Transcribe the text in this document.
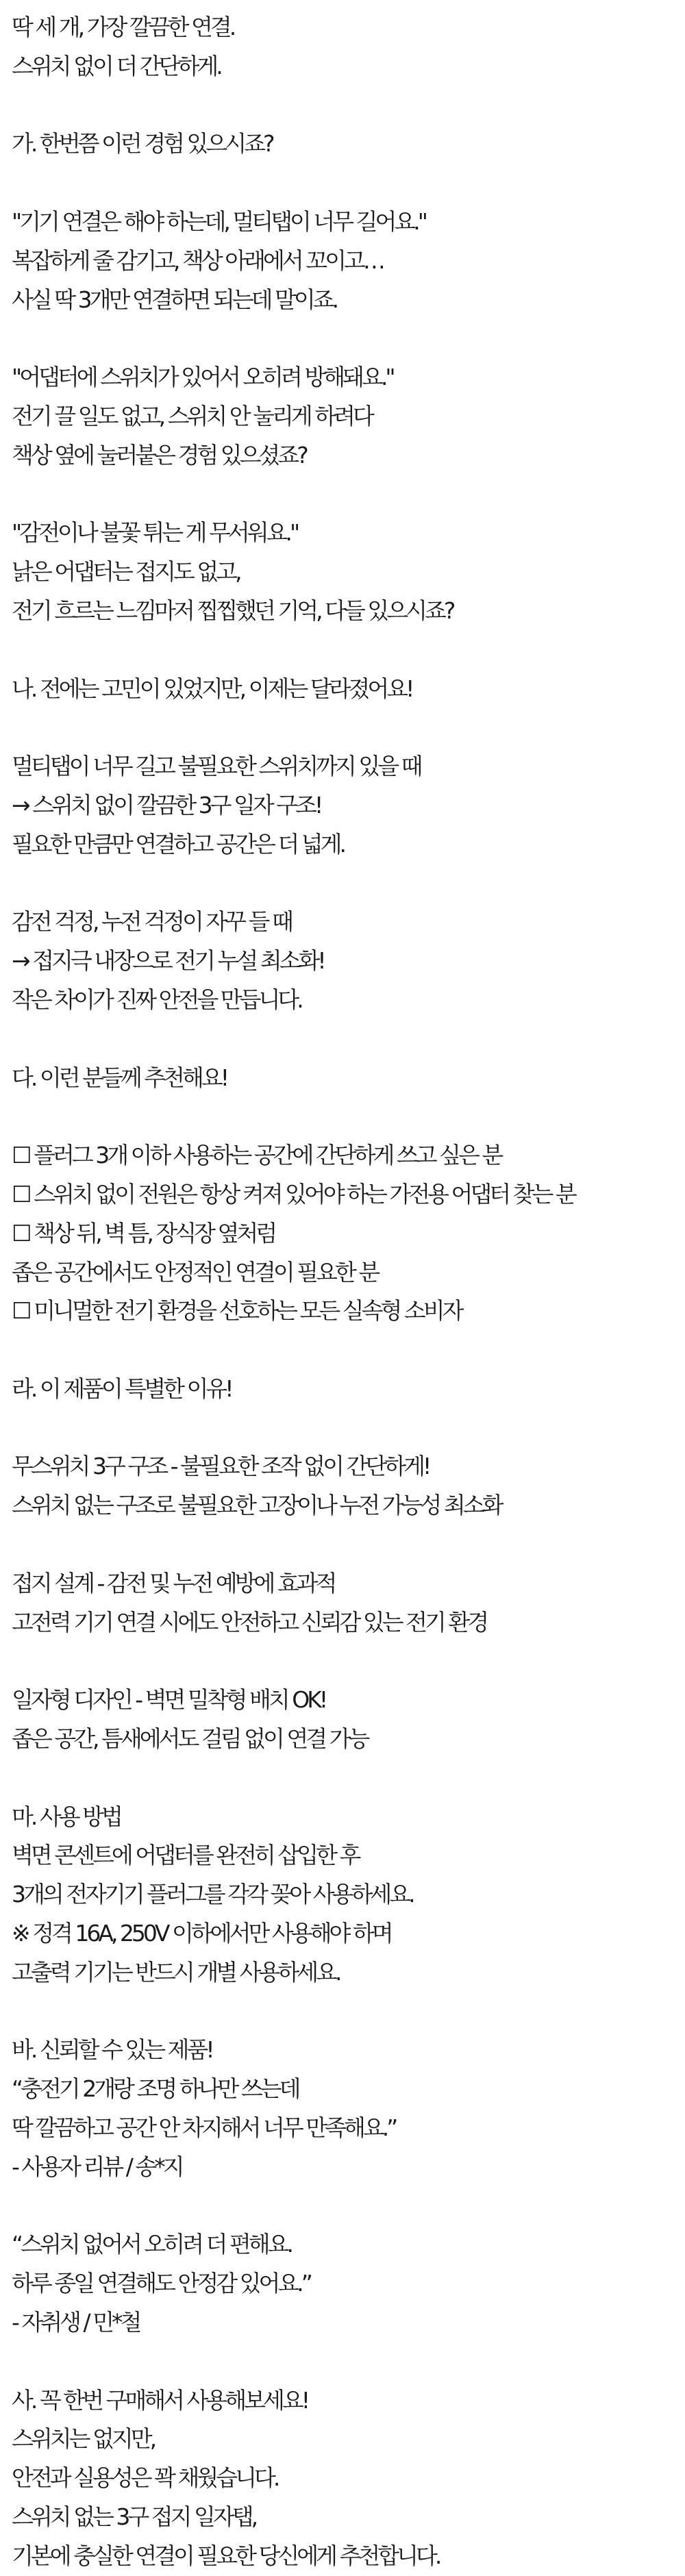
딱 세 개, 가장 깔끔한 연결.
스위치 없이 더 간단하게.
가. 한번쯤 이런 경험 있으시죠?
"기기 연결은 해야 하는데, 멀티탭이 너무 길어요."
복잡하게 줄 감기고, 책상 아래에서 꼬이고…
사실 딱 3개만 연결하면 되는데 말이죠.
"어댑터에 스위치가 있어서 오히려 방해돼요."
전기 끌 일도 없고, 스위치 안 눌리게 하려다
책상 옆에 눌러붙은 경험 있으셨죠?
"감전이나 불꽃 튀는 게 무서워요."
낡은 어댑터는 접지도 없고,
전기 흐르는 느낌마저 찝찝했던 기억, 다들 있으시죠?
나. 전에는 고민이 있었지만, 이제는 달라졌어요!
멀티탭이 너무 길고 불필요한 스위치까지 있을 때
→ 스위치 없이 깔끔한 3구 일자 구조!
필요한 만큼만 연결하고 공간은 더 넓게.
감전 걱정, 누전 걱정이 자꾸 들 때
→ 접지극 내장으로 전기 누설 최소화!
작은 차이가 진짜 안전을 만듭니다.
다. 이런 분들께 추천해요!
☐ 플러그 3개 이하 사용하는 공간에 간단하게 쓰고 싶은 분
☐ 스위치 없이 전원은 항상 켜져 있어야 하는 가전용 어댑터 찾는 분
☐ 책상 뒤, 벽 틈, 장식장 옆처럼
좁은 공간에서도 안정적인 연결이 필요한 분
☐ 미니멀한 전기 환경을 선호하는 모든 실속형 소비자
라. 이 제품이 특별한 이유!
무스위치 3구 구조 - 불필요한 조작 없이 간단하게!
스위치 없는 구조로 불필요한 고장이나 누전 가능성 최소화
접지 설계 - 감전 및 누전 예방에 효과적
고전력 기기 연결 시에도 안전하고 신뢰감 있는 전기 환경
일자형 디자인 - 벽면 밀착형 배치 OK!
좁은 공간, 틈새에서도 걸림 없이 연결 가능
마. 사용 방법
벽면 콘센트에 어댑터를 완전히 삽입한 후
3개의 전자기기 플러그를 각각 꽂아 사용하세요.
※ 정격 16A, 250V 이하에서만 사용해야 하며
고출력 기기는 반드시 개별 사용하세요.
바. 신뢰할 수 있는 제품!
“충전기 2개랑 조명 하나만 쓰는데
딱 깔끔하고 공간 안 차지해서 너무 만족해요.”
- 사용자 리뷰 / 송*지
“스위치 없어서 오히려 더 편해요.
하루 종일 연결해도 안정감 있어요.”
- 자취생 / 민*철
사. 꼭 한번 구매해서 사용해보세요!
스위치는 없지만,
안전과 실용성은 꽉 채웠습니다.
스위치 없는 3구 접지 일자탭,
기본에 충실한 연결이 필요한 당신에게 추천합니다.
